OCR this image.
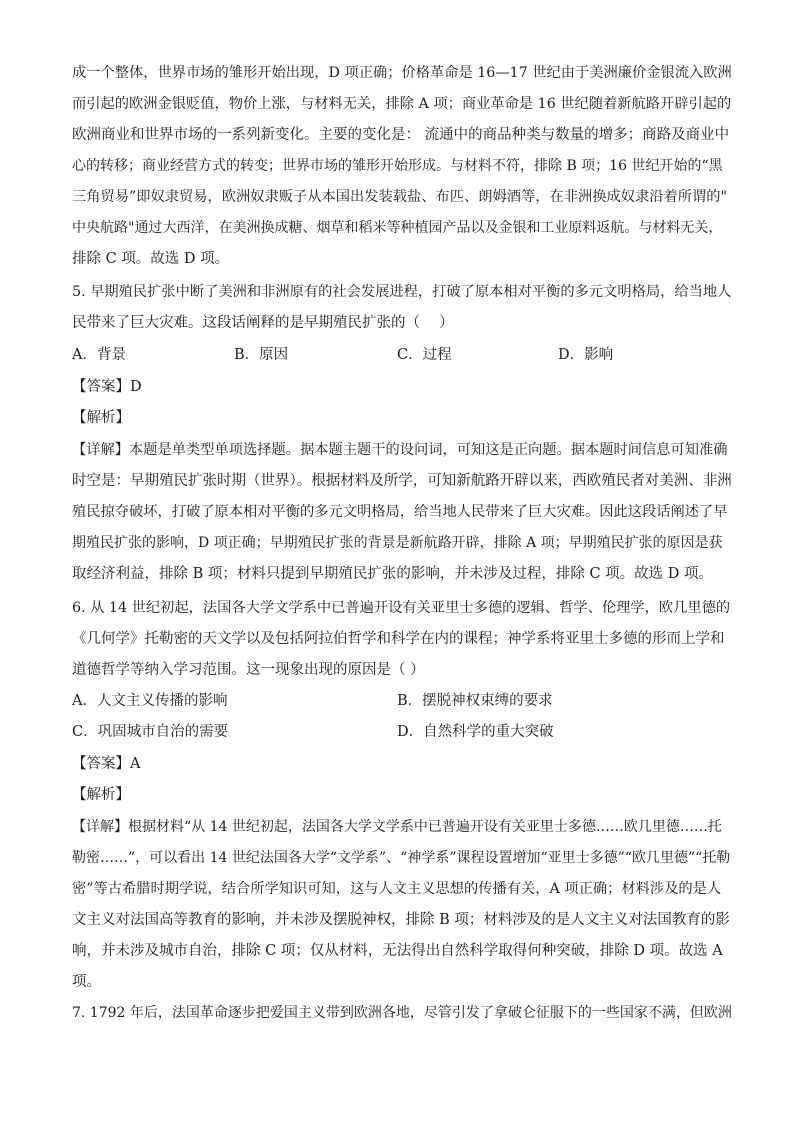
成一个整体，世界市场的雏形开始出现，D 项正确；价格革命是 16—17 世纪由于美洲廉价金银流入欧洲
而引起的欧洲金银贬值，物价上涨，与材料无关，排除 A 项；商业革命是 16 世纪随着新航路开辟引起的
欧洲商业和世界市场的一系列新变化。主要的变化是： 流通中的商品种类与数量的增多；商路及商业中
心的转移；商业经营方式的转变；世界市场的雏形开始形成。与材料不符，排除 B 项；16 世纪开始的“黑
三角贸易”即奴隶贸易，欧洲奴隶贩子从本国出发装载盐、布匹、朗姆酒等，在非洲换成奴隶沿着所谓的"
中央航路"通过大西洋，在美洲换成糖、烟草和稻米等种植园产品以及金银和工业原料返航。与材料无关，
排除 C 项。故选 D 项。
5. 早期殖民扩张中断了美洲和非洲原有的社会发展进程，打破了原本相对平衡的多元文明格局，给当地人
民带来了巨大灾难。这段话阐释的是早期殖民扩张的（　 ）
A．背景	B．原因	C．过程	D．影响
【答案】D
【解析】
【详解】本题是单类型单项选择题。据本题主题干的设问词，可知这是正向题。据本题时间信息可知准确
时空是：早期殖民扩张时期（世界）。根据材料及所学，可知新航路开辟以来，西欧殖民者对美洲、非洲
殖民掠夺破坏，打破了原本相对平衡的多元文明格局，给当地人民带来了巨大灾难。因此这段话阐述了早
期殖民扩张的影响，D 项正确；早期殖民扩张的背景是新航路开辟，排除 A 项；早期殖民扩张的原因是获
取经济利益，排除 B 项；材料只提到早期殖民扩张的影响，并未涉及过程，排除 C 项。故选 D 项。
6. 从 14 世纪初起，法国各大学文学系中已普遍开设有关亚里士多德的逻辑、哲学、伦理学，欧几里德的
《几何学》托勒密的天文学以及包括阿拉伯哲学和科学在内的课程；神学系将亚里士多德的形而上学和
道德哲学等纳入学习范围。这一现象出现的原因是（ ）
A．人文主义传播的影响	B．摆脱神权束缚的要求
C．巩固城市自治的需要	D．自然科学的重大突破
【答案】A
【解析】
【详解】根据材料“从 14 世纪初起，法国各大学文学系中已普遍开设有关亚里士多德……欧几里德……托
勒密……”，可以看出 14 世纪法国各大学“文学系”、“神学系”课程设置增加“亚里士多德”“欧几里德”“托勒
密”等古希腊时期学说，结合所学知识可知，这与人文主义思想的传播有关，A 项正确；材料涉及的是人
文主义对法国高等教育的影响，并未涉及摆脱神权，排除 B 项；材料涉及的是人文主义对法国教育的影
响，并未涉及城市自治，排除 C 项；仅从材料，无法得出自然科学取得何种突破，排除 D 项。故选 A
项。
7. 1792 年后，法国革命逐步把爱国主义带到欧洲各地，尽管引发了拿破仑征服下的一些国家不满，但欧洲
